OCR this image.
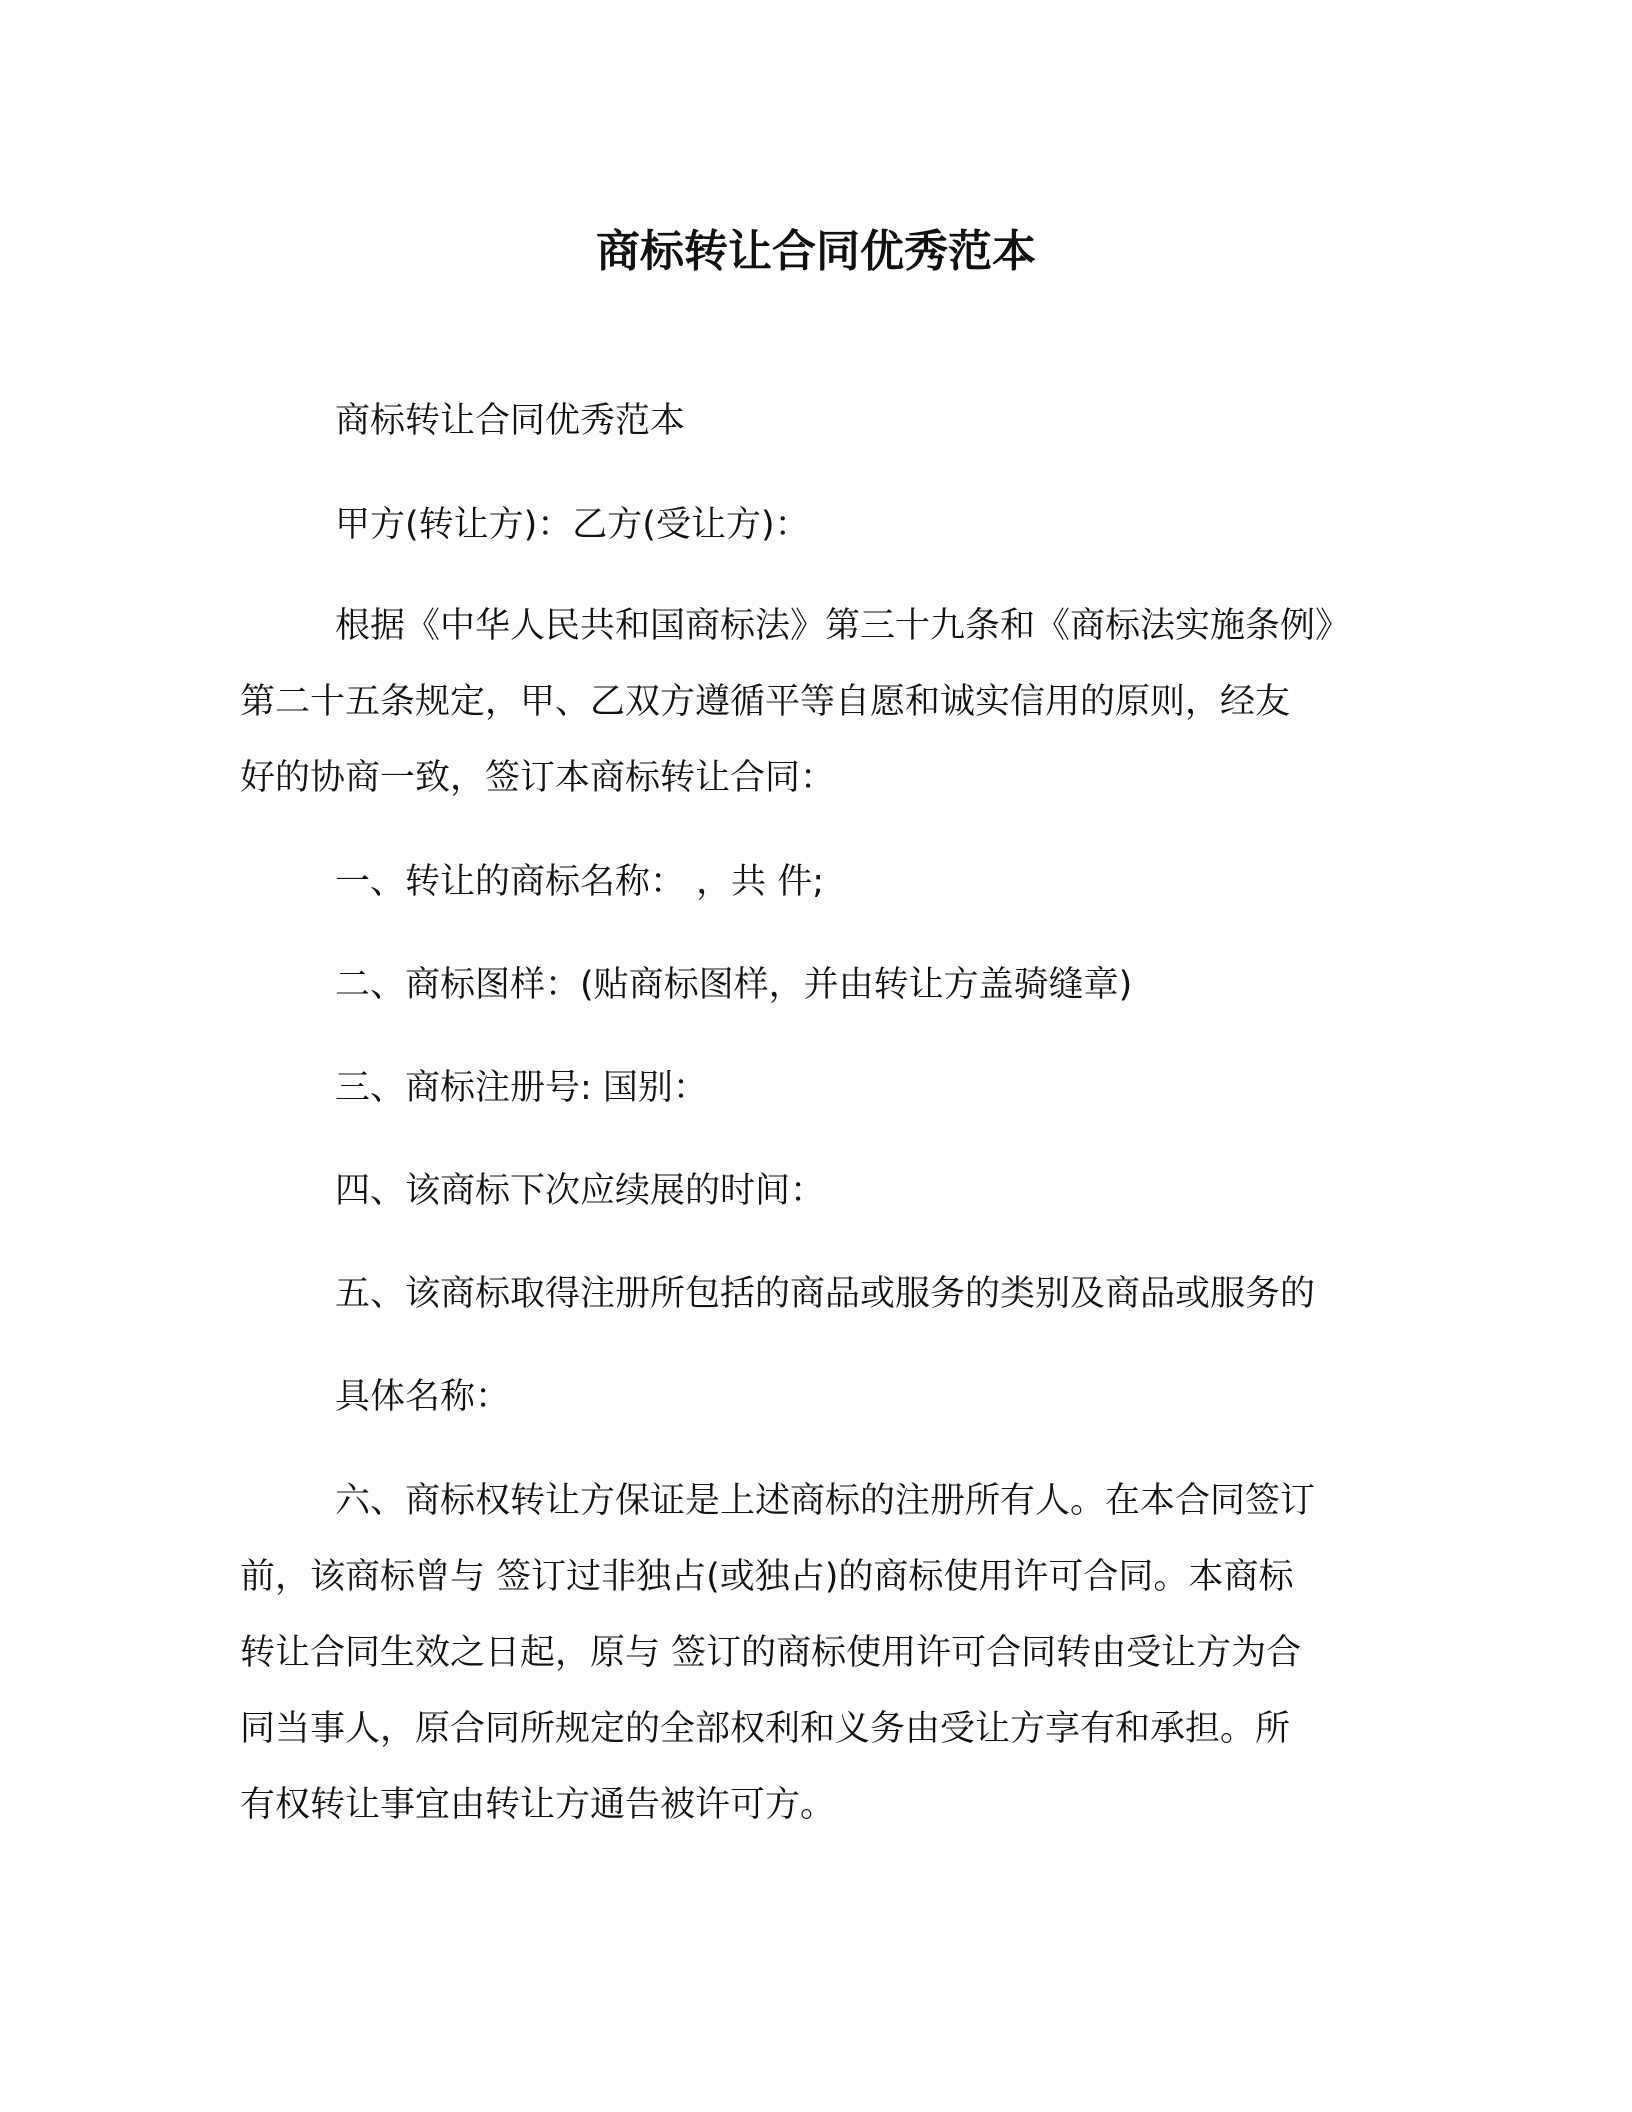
商标转让合同优秀范本
商标转让合同优秀范本
甲方(转让方)：乙方(受让方)：
根据《中华人民共和国商标法》第三十九条和《商标法实施条例》
第二十五条规定，甲、乙双方遵循平等自愿和诚实信用的原则，经友
好的协商一致，签订本商标转让合同：
一、转让的商标名称： ，共 件;
二、商标图样：(贴商标图样，并由转让方盖骑缝章)
三、商标注册号: 国别：
四、该商标下次应续展的时间：
五、该商标取得注册所包括的商品或服务的类别及商品或服务的
具体名称：
六、商标权转让方保证是上述商标的注册所有人。在本合同签订
前，该商标曾与 签订过非独占(或独占)的商标使用许可合同。本商标
转让合同生效之日起，原与 签订的商标使用许可合同转由受让方为合
同当事人，原合同所规定的全部权利和义务由受让方享有和承担。所
有权转让事宜由转让方通告被许可方。
